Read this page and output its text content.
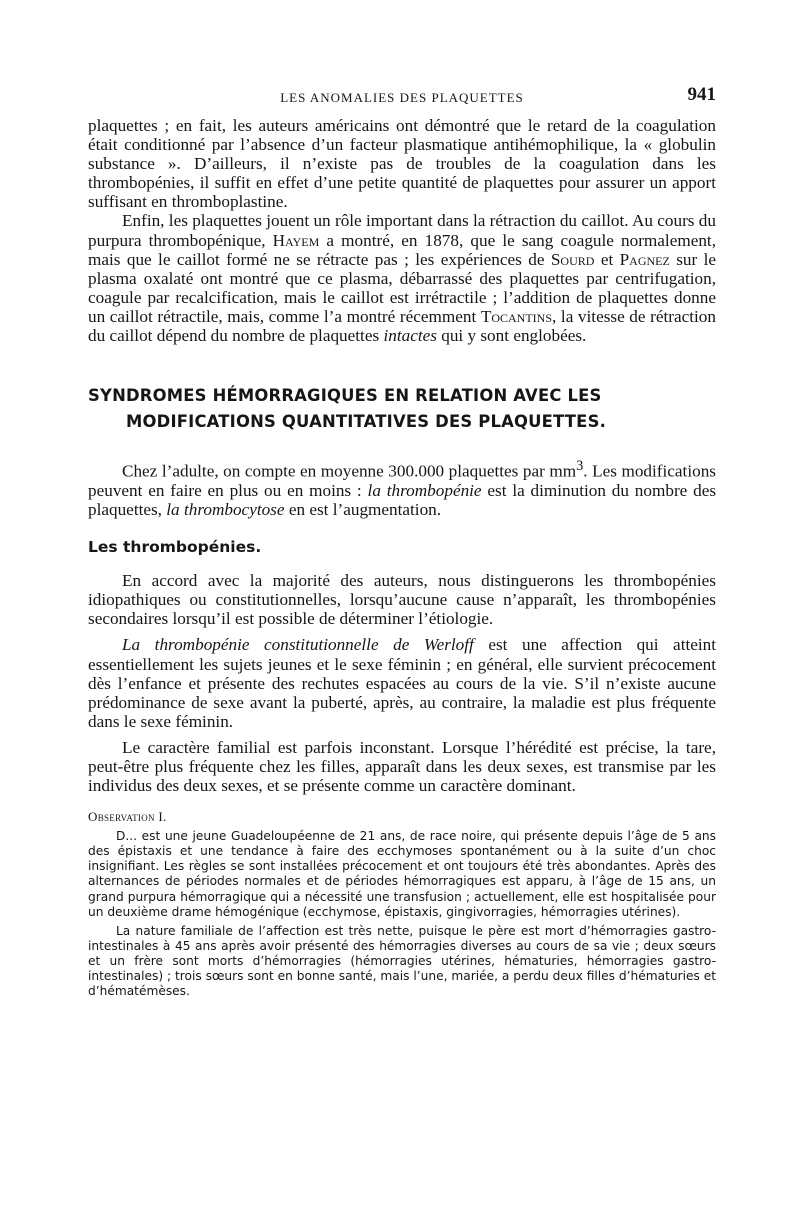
LES ANOMALIES DES PLAQUETTES	941

plaquettes ; en fait, les auteurs américains ont démontré que le retard de la coagulation était conditionné par l’absence d’un facteur plasmatique antihémophilique, la « globulin substance ». D’ailleurs, il n’existe pas de troubles de la coagulation dans les thrombopénies, il suffit en effet d’une petite quantité de plaquettes pour assurer un apport suffisant en thromboplastine.

Enfin, les plaquettes jouent un rôle important dans la rétraction du caillot. Au cours du purpura thrombopénique, Hayem a montré, en 1878, que le sang coagule normalement, mais que le caillot formé ne se rétracte pas ; les expériences de Sourd et Pagnez sur le plasma oxalaté ont montré que ce plasma, débarrassé des plaquettes par centrifugation, coagule par recalcification, mais le caillot est irrétractile ; l’addition de plaquettes donne un caillot rétractile, mais, comme l’a montré récemment Tocantins, la vitesse de rétraction du caillot dépend du nombre de plaquettes intactes qui y sont englobées.

SYNDROMES HÉMORRAGIQUES EN RELATION AVEC LES MODIFICATIONS QUANTITATIVES DES PLAQUETTES.

Chez l’adulte, on compte en moyenne 300.000 plaquettes par $mm^3$. Les modifications peuvent en faire en plus ou en moins : la thrombopénie est la diminution du nombre des plaquettes, la thrombocytose en est l’augmentation.

Les thrombopénies.

En accord avec la majorité des auteurs, nous distinguerons les thrombopénies idiopathiques ou constitutionnelles, lorsqu’aucune cause n’apparaît, les thrombopénies secondaires lorsqu’il est possible de déterminer l’étiologie.

La thrombopénie constitutionnelle de Werloff est une affection qui atteint essentiellement les sujets jeunes et le sexe féminin ; en général, elle survient précocement dès l’enfance et présente des rechutes espacées au cours de la vie. S’il n’existe aucune prédominance de sexe avant la puberté, après, au contraire, la maladie est plus fréquente dans le sexe féminin.

Le caractère familial est parfois inconstant. Lorsque l’hérédité est précise, la tare, peut-être plus fréquente chez les filles, apparaît dans les deux sexes, est transmise par les individus des deux sexes, et se présente comme un caractère dominant.

Observation I.

D... est une jeune Guadeloupéenne de 21 ans, de race noire, qui présente depuis l’âge de 5 ans des épistaxis et une tendance à faire des ecchymoses spontanément ou à la suite d’un choc insignifiant. Les règles se sont installées précocement et ont toujours été très abondantes. Après des alternances de périodes normales et de périodes hémorragiques est apparu, à l’âge de 15 ans, un grand purpura hémorragique qui a nécessité une transfusion ; actuellement, elle est hospitalisée pour un deuxième drame hémogénique (ecchymose, épistaxis, gingivorragies, hémorragies utérines).

La nature familiale de l’affection est très nette, puisque le père est mort d’hémorragies gastro-intestinales à 45 ans après avoir présenté des hémorragies diverses au cours de sa vie ; deux sœurs et un frère sont morts d’hémorragies (hémorragies utérines, hématuries, hémorragies gastro-intestinales) ; trois sœurs sont en bonne santé, mais l’une, mariée, a perdu deux filles d’hématuries et d’hématémèses.
